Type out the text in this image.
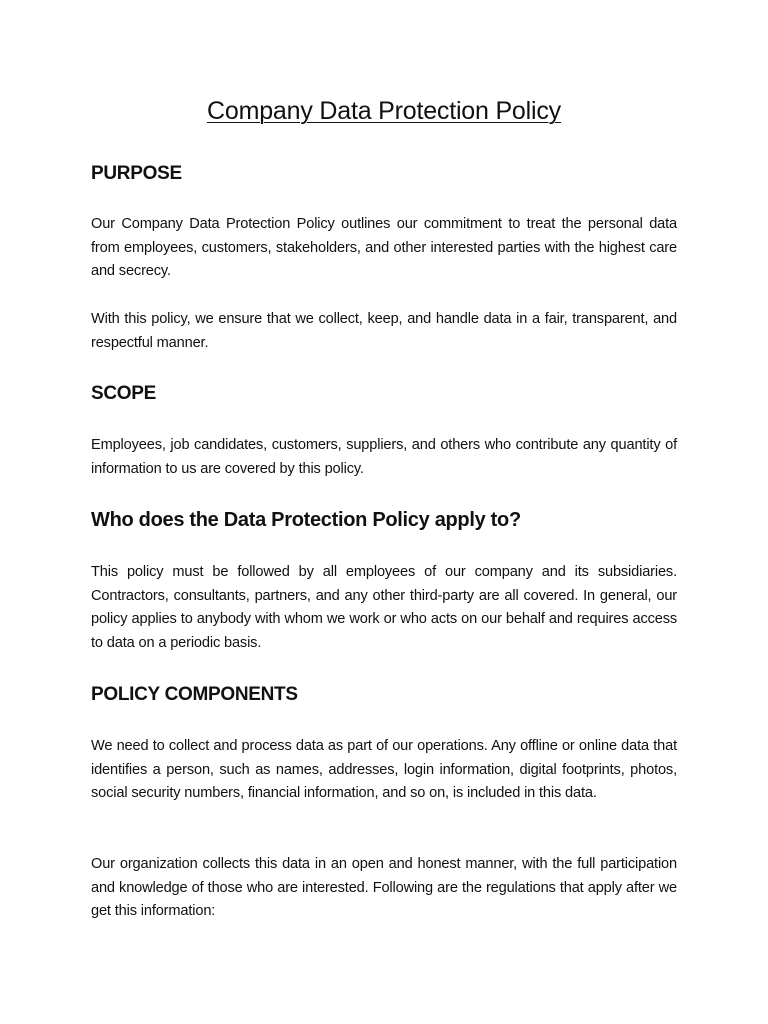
Company Data Protection Policy
PURPOSE

Our Company Data Protection Policy outlines our commitment to treat the personal data from employees, customers, stakeholders, and other interested parties with the highest care and secrecy.

With this policy, we ensure that we collect, keep, and handle data in a fair, transparent, and respectful manner.

SCOPE

Employees, job candidates, customers, suppliers, and others who contribute any quantity of information to us are covered by this policy.

Who does the Data Protection Policy apply to?

This policy must be followed by all employees of our company and its subsidiaries. Contractors, consultants, partners, and any other third-party are all covered. In general, our policy applies to anybody with whom we work or who acts on our behalf and requires access to data on a periodic basis.

POLICY COMPONENTS

We need to collect and process data as part of our operations. Any offline or online data that identifies a person, such as names, addresses, login information, digital footprints, photos, social security numbers, financial information, and so on, is included in this data.

Our organization collects this data in an open and honest manner, with the full participation and knowledge of those who are interested. Following are the regulations that apply after we get this information:
